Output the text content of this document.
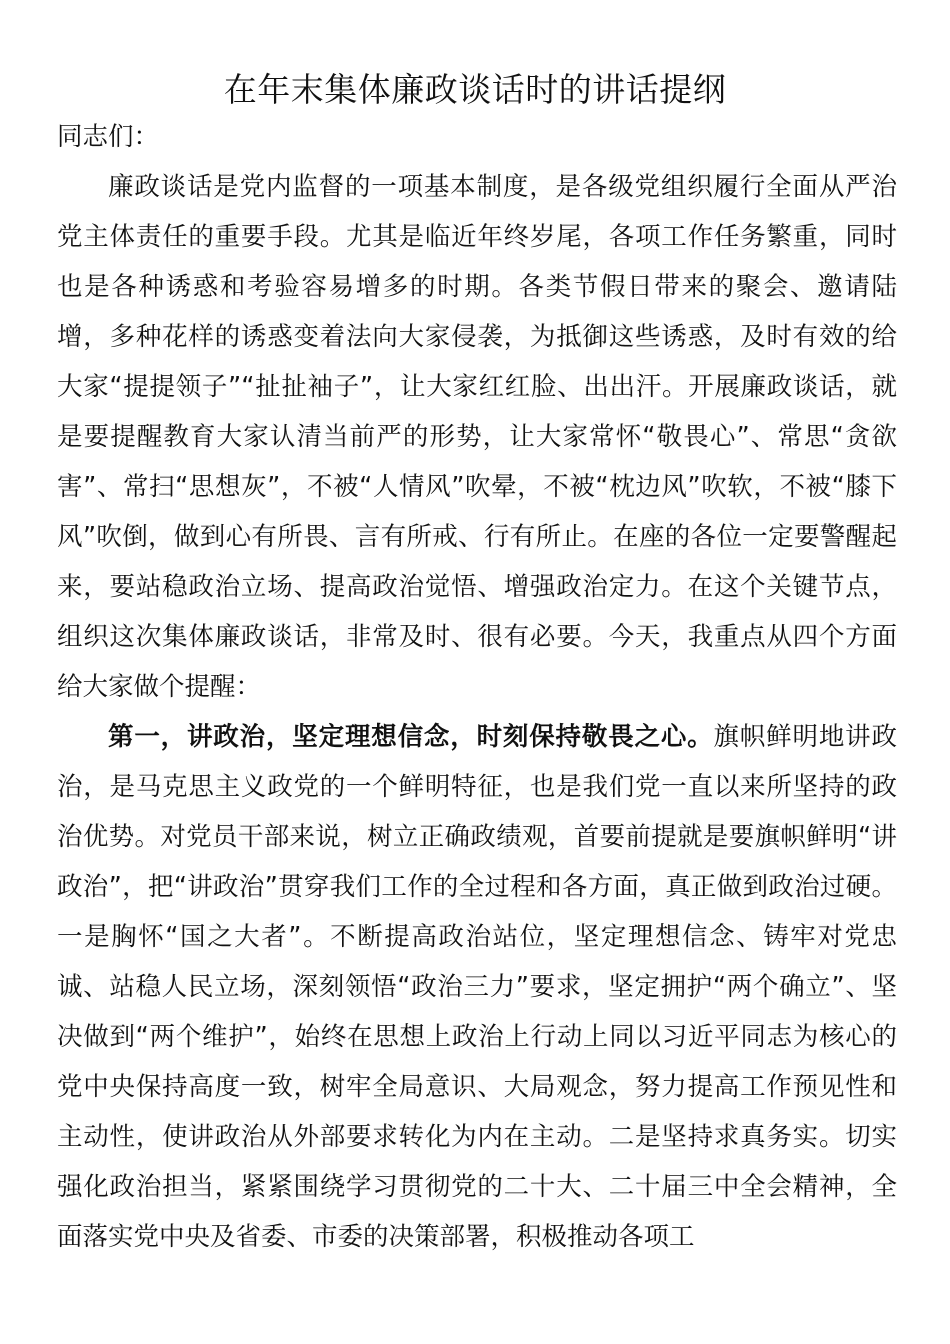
在年末集体廉政谈话时的讲话提纲

同志们：

廉政谈话是党内监督的一项基本制度，是各级党组织履行全面从严治党主体责任的重要手段。尤其是临近年终岁尾，各项工作任务繁重，同时也是各种诱惑和考验容易增多的时期。各类节假日带来的聚会、邀请陆增，多种花样的诱惑变着法向大家侵袭，为抵御这些诱惑，及时有效的给大家“提提领子”“扯扯袖子”，让大家红红脸、出出汗。开展廉政谈话，就是要提醒教育大家认清当前严的形势，让大家常怀“敬畏心”、常思“贪欲害”、常扫“思想灰”，不被“人情风”吹晕，不被“枕边风”吹软，不被“膝下风”吹倒，做到心有所畏、言有所戒、行有所止。在座的各位一定要警醒起来，要站稳政治立场、提高政治觉悟、增强政治定力。在这个关键节点，组织这次集体廉政谈话，非常及时、很有必要。今天，我重点从四个方面给大家做个提醒：

第一，讲政治，坚定理想信念，时刻保持敬畏之心。旗帜鲜明地讲政治，是马克思主义政党的一个鲜明特征，也是我们党一直以来所坚持的政治优势。对党员干部来说，树立正确政绩观，首要前提就是要旗帜鲜明“讲政治”，把“讲政治”贯穿我们工作的全过程和各方面，真正做到政治过硬。一是胸怀“国之大者”。不断提高政治站位，坚定理想信念、铸牢对党忠诚、站稳人民立场，深刻领悟“政治三力”要求，坚定拥护“两个确立”、坚决做到“两个维护”，始终在思想上政治上行动上同以习近平同志为核心的党中央保持高度一致，树牢全局意识、大局观念，努力提高工作预见性和主动性，使讲政治从外部要求转化为内在主动。二是坚持求真务实。切实强化政治担当，紧紧围绕学习贯彻党的二十大、二十届三中全会精神，全面落实党中央及省委、市委的决策部署，积极推动各项工
